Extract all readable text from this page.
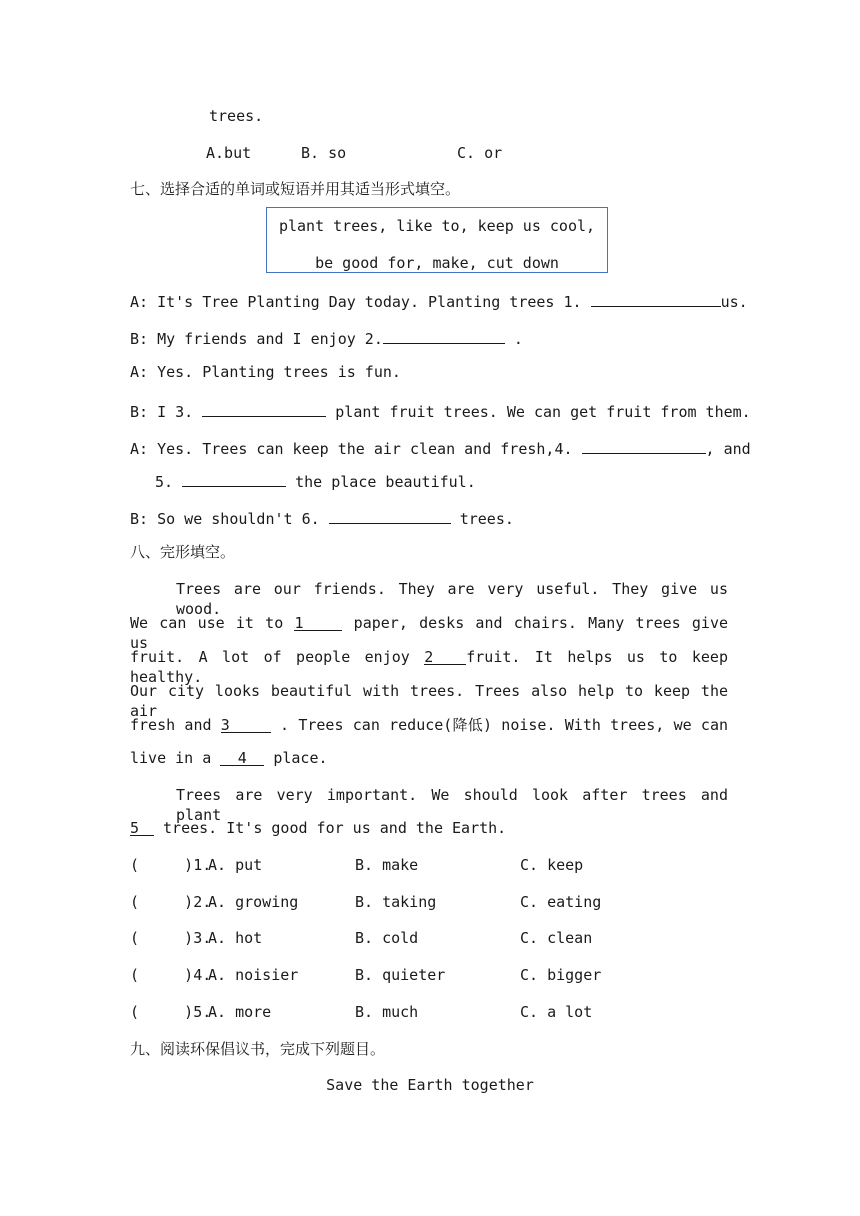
trees.
A.but	B. so	C. or
七、选择合适的单词或短语并用其适当形式填空。
plant trees, like to, keep us cool,
be good for, make, cut down
A: It's Tree Planting Day today. Planting trees 1.	us.
B: My friends and I enjoy 2.	.
A: Yes. Planting trees is fun.
B: I 3.	plant fruit trees. We can get fruit from them.
A: Yes. Trees can keep the air clean and fresh,4.	, and
5.	the place beautiful.
B: So we shouldn't 6.	trees.
八、完形填空。
Trees are our friends. They are very useful. They give us wood.
We can use it to 1	paper, desks and chairs. Many trees give us
fruit. A lot of people enjoy 2 fruit. It helps us to keep healthy.
Our city looks beautiful with trees. Trees also help to keep the air
fresh and 3	. Trees can reduce(降低) noise. With trees, we can
live in a 4 place.
Trees are very important. We should look after trees and plant
5 trees. It's good for us and the Earth.
(     )1.
A. put	B. make	C. keep
(     )2.
A. growing	B. taking	C. eating
(     )3.
A. hot	B. cold	C. clean
(     )4.
A. noisier	B. quieter	C. bigger
(     )5.
A. more	B. much	C. a lot
九、阅读环保倡议书，完成下列题目。
Save the Earth together
